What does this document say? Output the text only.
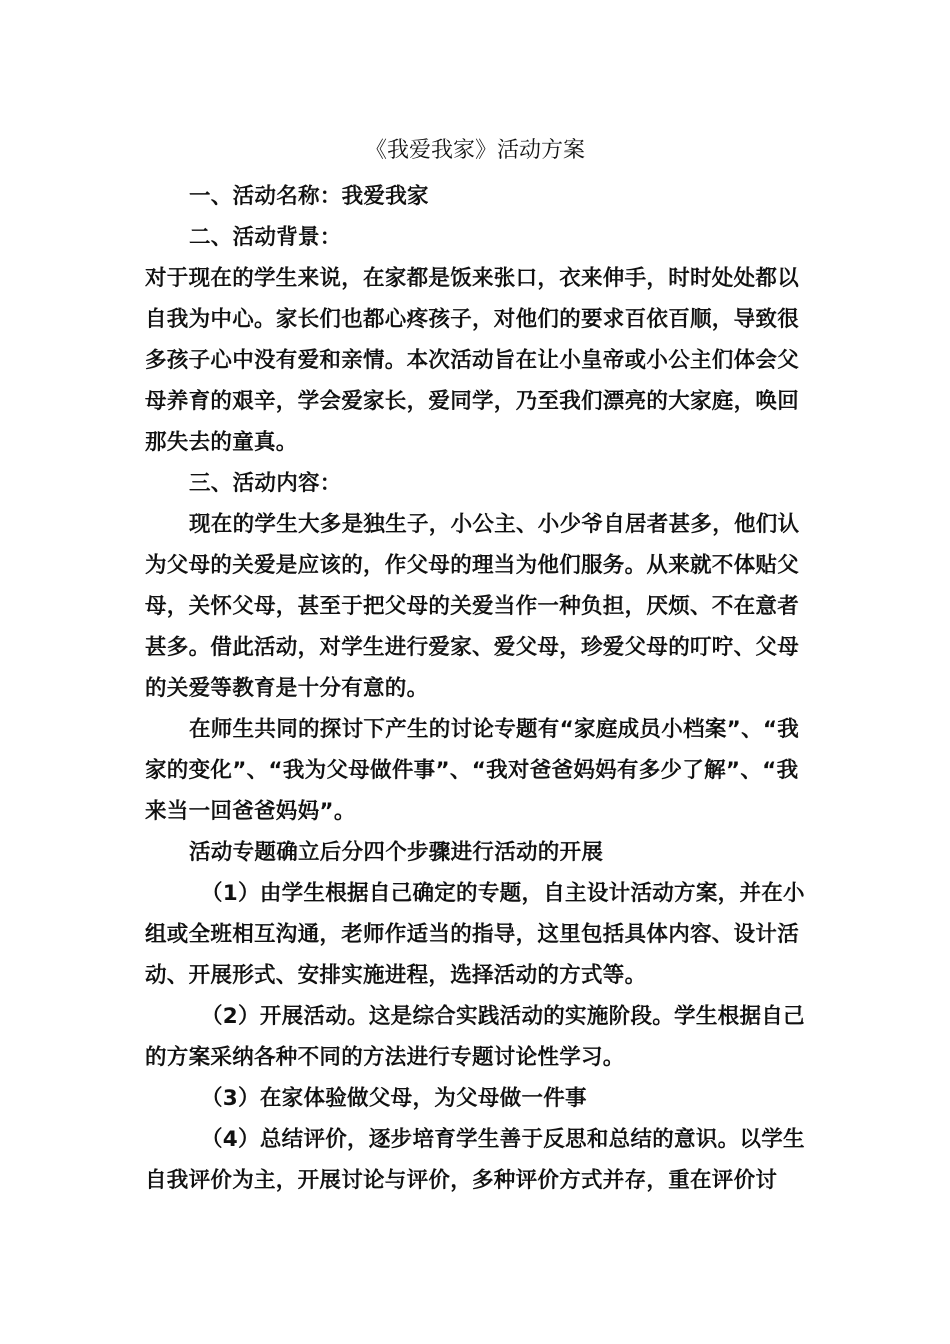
《我爱我家》活动方案

一、活动名称：我爱我家

二、活动背景：

对于现在的学生来说，在家都是饭来张口，衣来伸手，时时处处都以自我为中心。家长们也都心疼孩子，对他们的要求百依百顺，导致很多孩子心中没有爱和亲情。本次活动旨在让小皇帝或小公主们体会父母养育的艰辛，学会爱家长，爱同学，乃至我们漂亮的大家庭，唤回那失去的童真。

三、活动内容：

现在的学生大多是独生子，小公主、小少爷自居者甚多，他们认为父母的关爱是应该的，作父母的理当为他们服务。从来就不体贴父母，关怀父母，甚至于把父母的关爱当作一种负担，厌烦、不在意者甚多。借此活动，对学生进行爱家、爱父母，珍爱父母的叮咛、父母的关爱等教育是十分有意的。

在师生共同的探讨下产生的讨论专题有“家庭成员小档案”、“我家的变化”、“我为父母做件事”、“我对爸爸妈妈有多少了解”、“我来当一回爸爸妈妈”。

活动专题确立后分四个步骤进行活动的开展

（1）由学生根据自己确定的专题，自主设计活动方案，并在小组或全班相互沟通，老师作适当的指导，这里包括具体内容、设计活动、开展形式、安排实施进程，选择活动的方式等。

（2）开展活动。这是综合实践活动的实施阶段。学生根据自己的方案采纳各种不同的方法进行专题讨论性学习。

（3）在家体验做父母，为父母做一件事

（4）总结评价，逐步培育学生善于反思和总结的意识。以学生自我评价为主，开展讨论与评价，多种评价方式并存，重在评价讨
